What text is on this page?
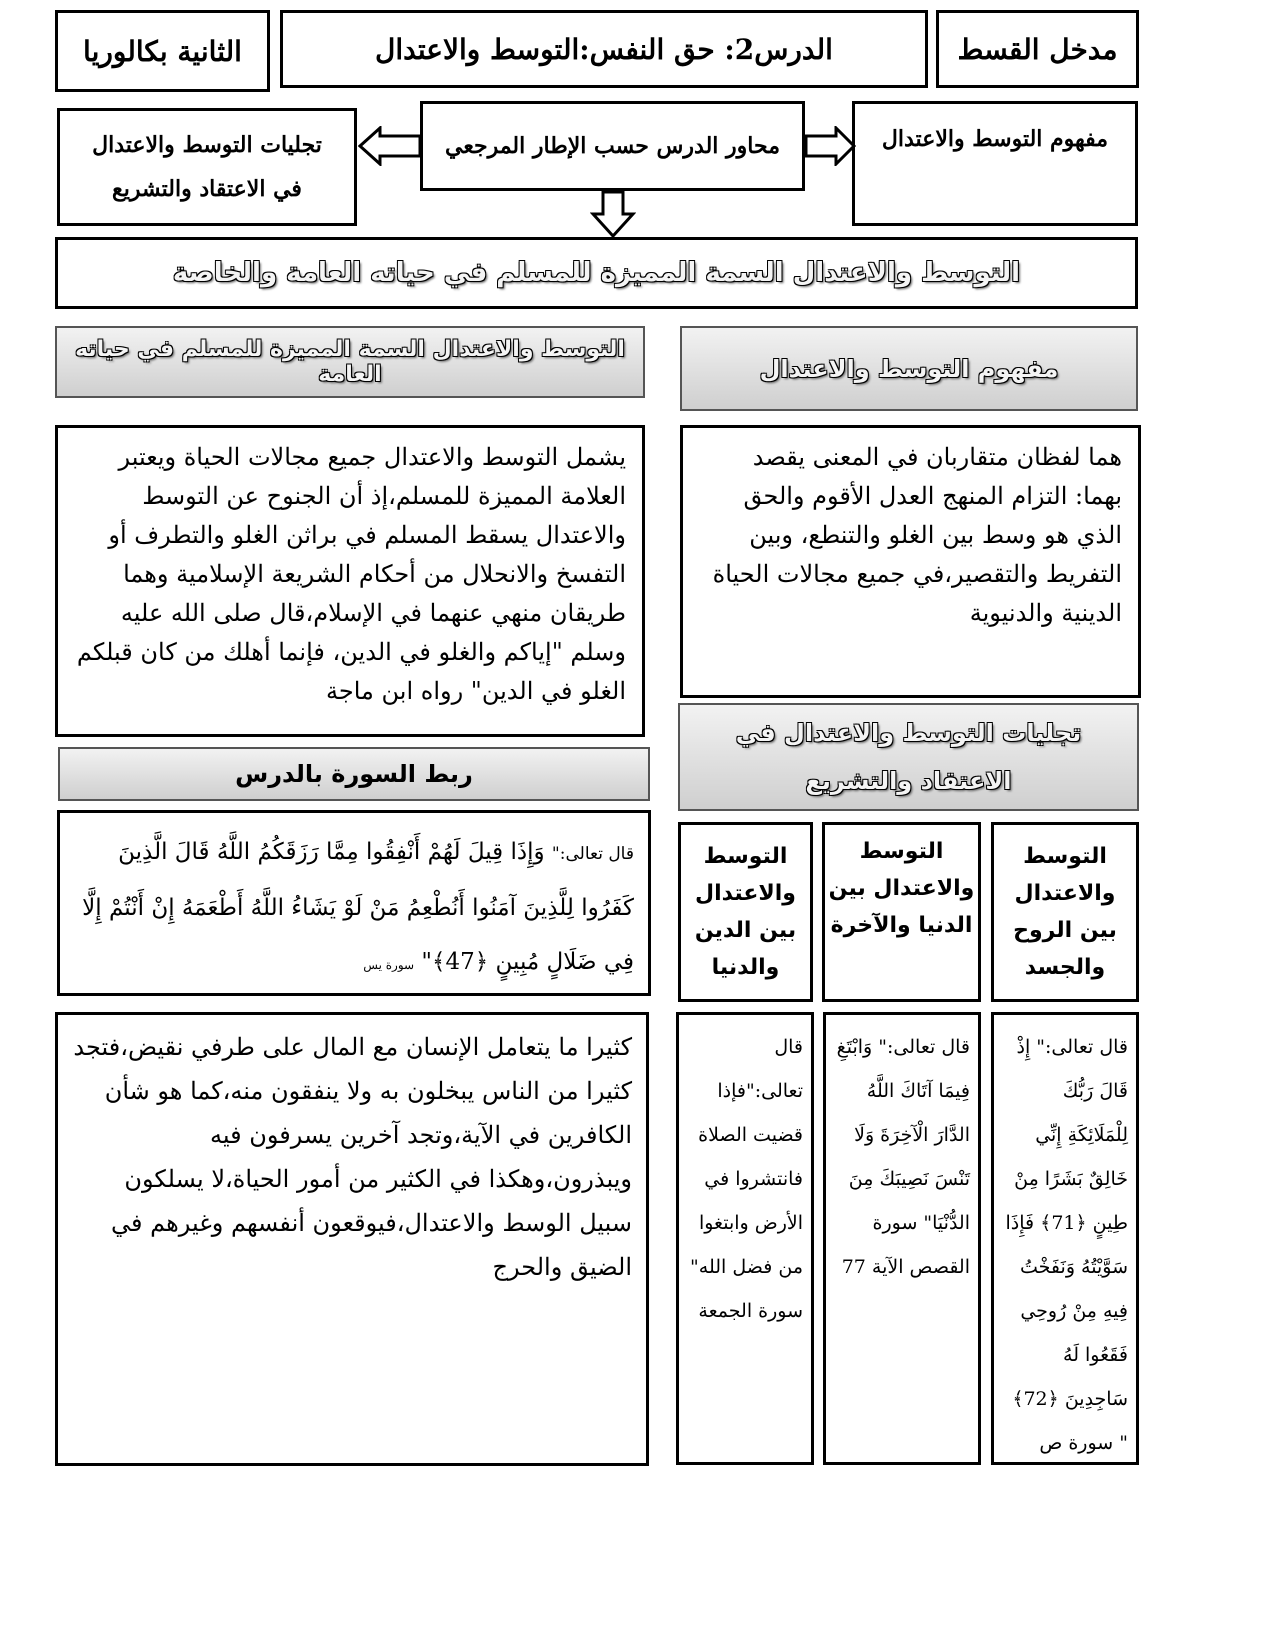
الثانية بكالوريا	الدرس2: حق النفس:التوسط والاعتدال	مدخل القسط
تجليات التوسط والاعتدال في الاعتقاد والتشريع
محاور الدرس حسب الإطار المرجعي	مفهوم التوسط والاعتدال
التوسط والاعتدال السمة المميزة للمسلم في حياته العامة والخاصة
التوسط والاعتدال السمة المميزة للمسلم في حياته العامة	مفهوم التوسط والاعتدال
يشمل التوسط والاعتدال جميع مجالات الحياة ويعتبر العلامة المميزة للمسلم،إذ أن الجنوح عن التوسط والاعتدال يسقط المسلم في براثن الغلو والتطرف أو التفسخ والانحلال من أحكام الشريعة الإسلامية وهما طريقان منهي عنهما في الإسلام،قال صلى الله عليه وسلم "إياكم والغلو في الدين، فإنما أهلك من كان قبلكم الغلو في الدين" رواه ابن ماجة
هما لفظان متقاربان في المعنى يقصد بهما: التزام المنهج العدل الأقوم والحق الذي هو وسط بين الغلو والتنطع، وبين التفريط والتقصير،في جميع مجالات الحياة الدينية والدنيوية
ربط السورة بالدرس
تجليات التوسط والاعتدال في الاعتقاد والتشريع
قال تعالى:" وَإِذَا قِيلَ لَهُمْ أَنْفِقُوا مِمَّا رَزَقَكُمُ اللَّهُ قَالَ الَّذِينَ كَفَرُوا لِلَّذِينَ آمَنُوا أَنُطْعِمُ مَنْ لَوْ يَشَاءُ اللَّهُ أَطْعَمَهُ إِنْ أَنْتُمْ إِلَّا فِي ضَلَالٍ مُبِينٍ ﴿47﴾" سورة يس
التوسط والاعتدال بين الروح والجسد
التوسط والاعتدال بين الدنيا والآخرة
التوسط والاعتدال بين الدين والدنيا
كثيرا ما يتعامل الإنسان مع المال على طرفي نقيض،فتجد كثيرا من الناس يبخلون به ولا ينفقون منه،كما هو شأن الكافرين في الآية،وتجد آخرين يسرفون فيه ويبذرون،وهكذا في الكثير من أمور الحياة،لا يسلكون سبيل الوسط والاعتدال،فيوقعون أنفسهم وغيرهم في الضيق والحرج
قال تعالى:" إِذْ قَالَ رَبُّكَ لِلْمَلَائِكَةِ إِنِّي خَالِقٌ بَشَرًا مِنْ طِينٍ ﴿71﴾ فَإِذَا سَوَّيْتُهُ وَنَفَخْتُ فِيهِ مِنْ رُوحِي فَقَعُوا لَهُ سَاجِدِينَ ﴿72﴾ " سورة ص
قال تعالى:" وَابْتَغِ فِيمَا آتَاكَ اللَّهُ الدَّارَ الْآخِرَةَ وَلَا تَنْسَ نَصِيبَكَ مِنَ الدُّنْيَا" سورة القصص الآية 77
قال تعالى:"فإذا قضيت الصلاة فانتشروا في الأرض وابتغوا من فضل الله" سورة الجمعة
